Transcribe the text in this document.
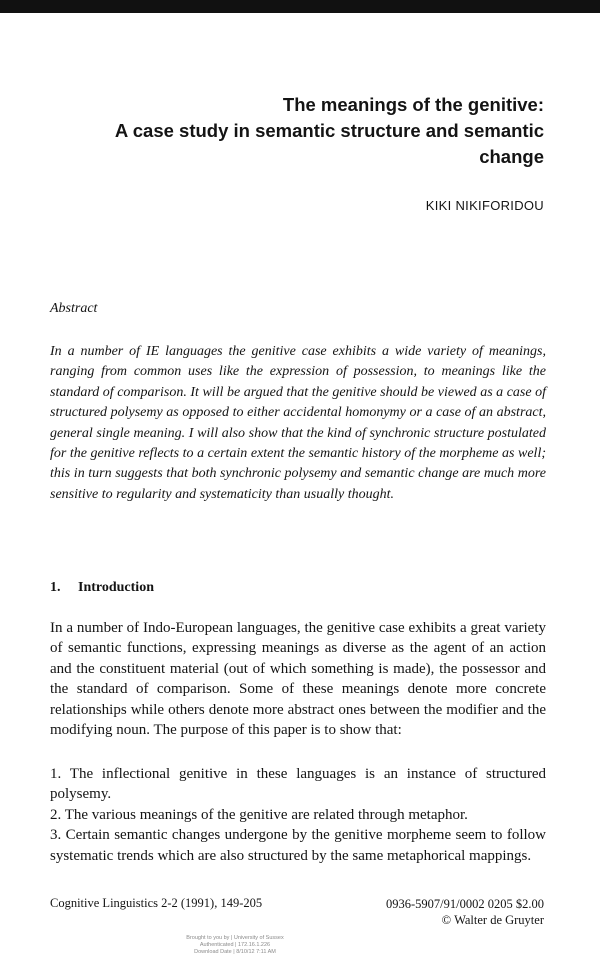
The meanings of the genitive:
A case study in semantic structure and semantic
change
KIKI NIKIFORIDOU
Abstract

In a number of IE languages the genitive case exhibits a wide variety of meanings, ranging from common uses like the expression of possession, to meanings like the standard of comparison. It will be argued that the genitive should be viewed as a case of structured polysemy as opposed to either accidental homonymy or a case of an abstract, general single meaning. I will also show that the kind of synchronic structure postulated for the genitive reflects to a certain extent the semantic history of the morpheme as well; this in turn suggests that both synchronic polysemy and semantic change are much more sensitive to regularity and systematicity than usually thought.

1. Introduction

In a number of Indo-European languages, the genitive case exhibits a great variety of semantic functions, expressing meanings as diverse as the agent of an action and the constituent material (out of which something is made), the possessor and the standard of comparison. Some of these meanings denote more concrete relationships while others denote more abstract ones between the modifier and the modifying noun. The purpose of this paper is to show that:

1. The inflectional genitive in these languages is an instance of structured polysemy.
2. The various meanings of the genitive are related through metaphor.
3. Certain semantic changes undergone by the genitive morpheme seem to follow systematic trends which are also structured by the same metaphorical mappings.
Cognitive Linguistics 2-2 (1991), 149-205	0936-5907/91/0002 0205 $2.00
© Walter de Gruyter
Brought to you by | University of Sussex
Authenticated | 172.16.1.226
Download Date | 8/10/12 7:11 AM
